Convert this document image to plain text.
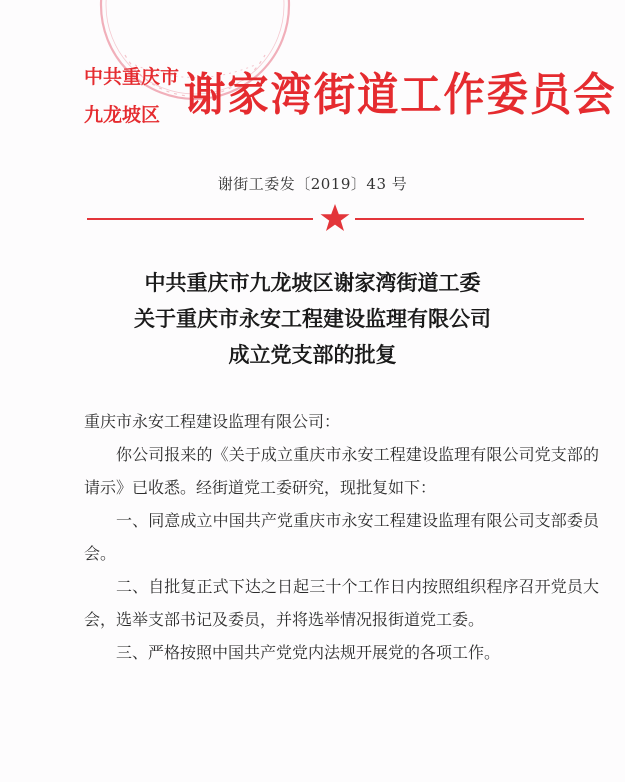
中共重庆市
九龙坡区 谢家湾街道工作委员会
谢街工委发〔2019〕43 号
中共重庆市九龙坡区谢家湾街道工委
关于重庆市永安工程建设监理有限公司
成立党支部的批复

重庆市永安工程建设监理有限公司：

你公司报来的《关于成立重庆市永安工程建设监理有限公司党支部的请示》已收悉。经街道党工委研究，现批复如下：

一、同意成立中国共产党重庆市永安工程建设监理有限公司支部委员会。

二、自批复正式下达之日起三十个工作日内按照组织程序召开党员大会，选举支部书记及委员，并将选举情况报街道党工委。

三、严格按照中国共产党党内法规开展党的各项工作。
